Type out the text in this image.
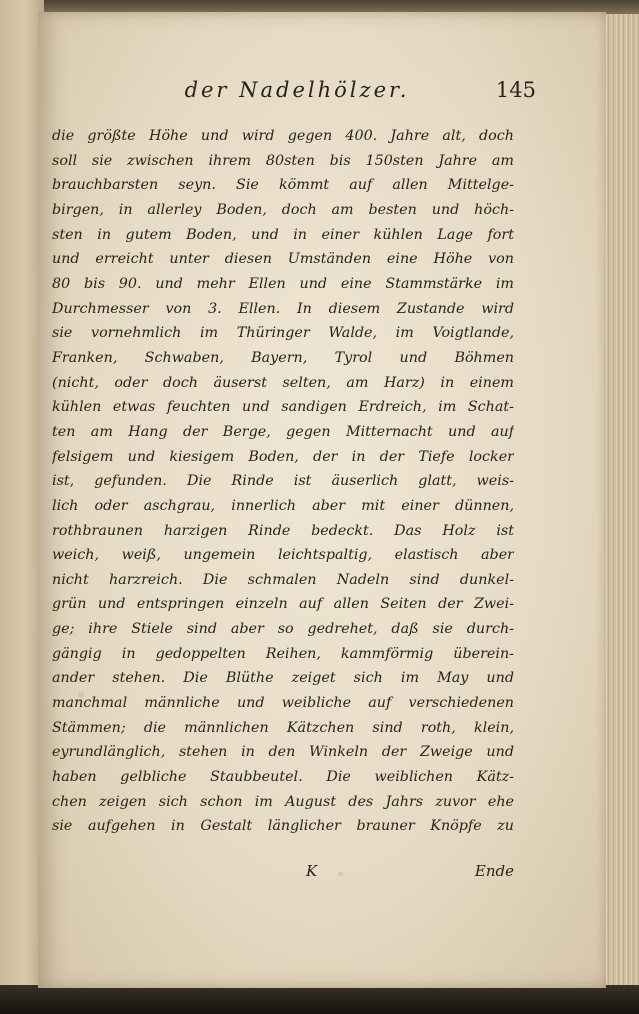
der Nadelhölzer.	145
die größte Höhe und wird gegen 400. Jahre alt, doch
soll sie zwischen ihrem 80sten bis 150sten Jahre am
brauchbarsten seyn. Sie kömmt auf allen Mittelge-
birgen, in allerley Boden, doch am besten und höch-
sten in gutem Boden, und in einer kühlen Lage fort
und erreicht unter diesen Umständen eine Höhe von
80 bis 90. und mehr Ellen und eine Stammstärke im
Durchmesser von 3. Ellen. In diesem Zustande wird
sie vornehmlich im Thüringer Walde, im Voigtlande,
Franken, Schwaben, Bayern, Tyrol und Böhmen
(nicht, oder doch äuserst selten, am Harz) in einem
kühlen etwas feuchten und sandigen Erdreich, im Schat-
ten am Hang der Berge, gegen Mitternacht und auf
felsigem und kiesigem Boden, der in der Tiefe locker
ist, gefunden. Die Rinde ist äuserlich glatt, weis-
lich oder aschgrau, innerlich aber mit einer dünnen,
rothbraunen harzigen Rinde bedeckt. Das Holz ist
weich, weiß, ungemein leichtspaltig, elastisch aber
nicht harzreich. Die schmalen Nadeln sind dunkel-
grün und entspringen einzeln auf allen Seiten der Zwei-
ge; ihre Stiele sind aber so gedrehet, daß sie durch-
gängig in gedoppelten Reihen, kammförmig überein-
ander stehen. Die Blüthe zeiget sich im May und
manchmal männliche und weibliche auf verschiedenen
Stämmen; die männlichen Kätzchen sind roth, klein,
eyrundlänglich, stehen in den Winkeln der Zweige und
haben gelbliche Staubbeutel. Die weiblichen Kätz-
chen zeigen sich schon im August des Jahrs zuvor ehe
sie aufgehen in Gestalt länglicher brauner Knöpfe zu
K	Ende
